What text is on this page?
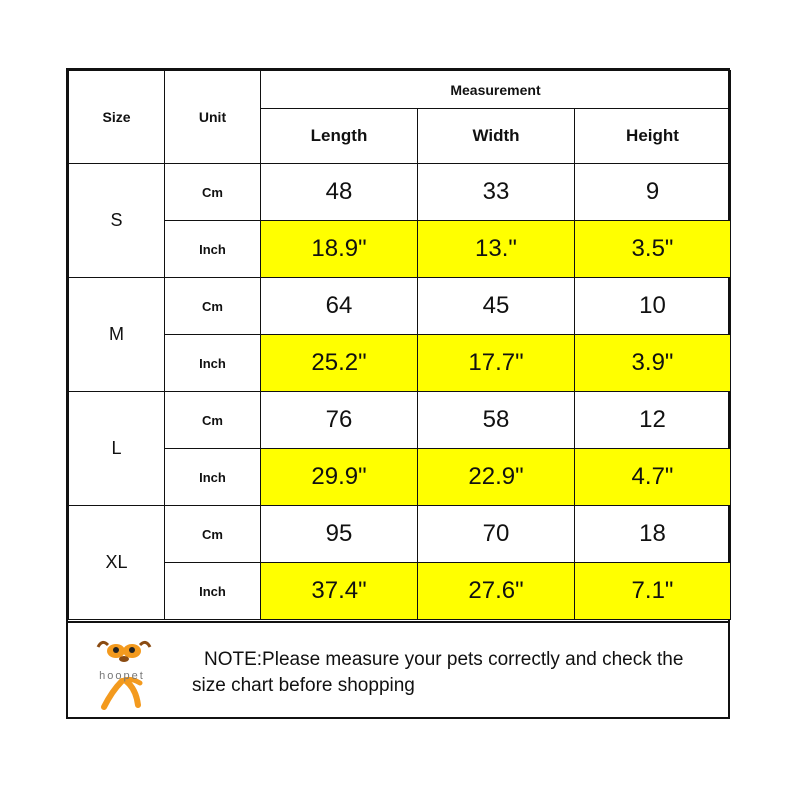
Size	Unit	Measurement		
		Length	Width	Height
S	Cm	48	33	9
	Inch	18.9"	13."	3.5"
M	Cm	64	45	10
	Inch	25.2"	17.7"	3.9"
L	Cm	76	58	12
	Inch	29.9"	22.9"	4.7"
XL	Cm	95	70	18
	Inch	37.4"	27.6"	7.1"
hoopet
NOTE:Please measure your pets correctly and check the size chart before shopping
